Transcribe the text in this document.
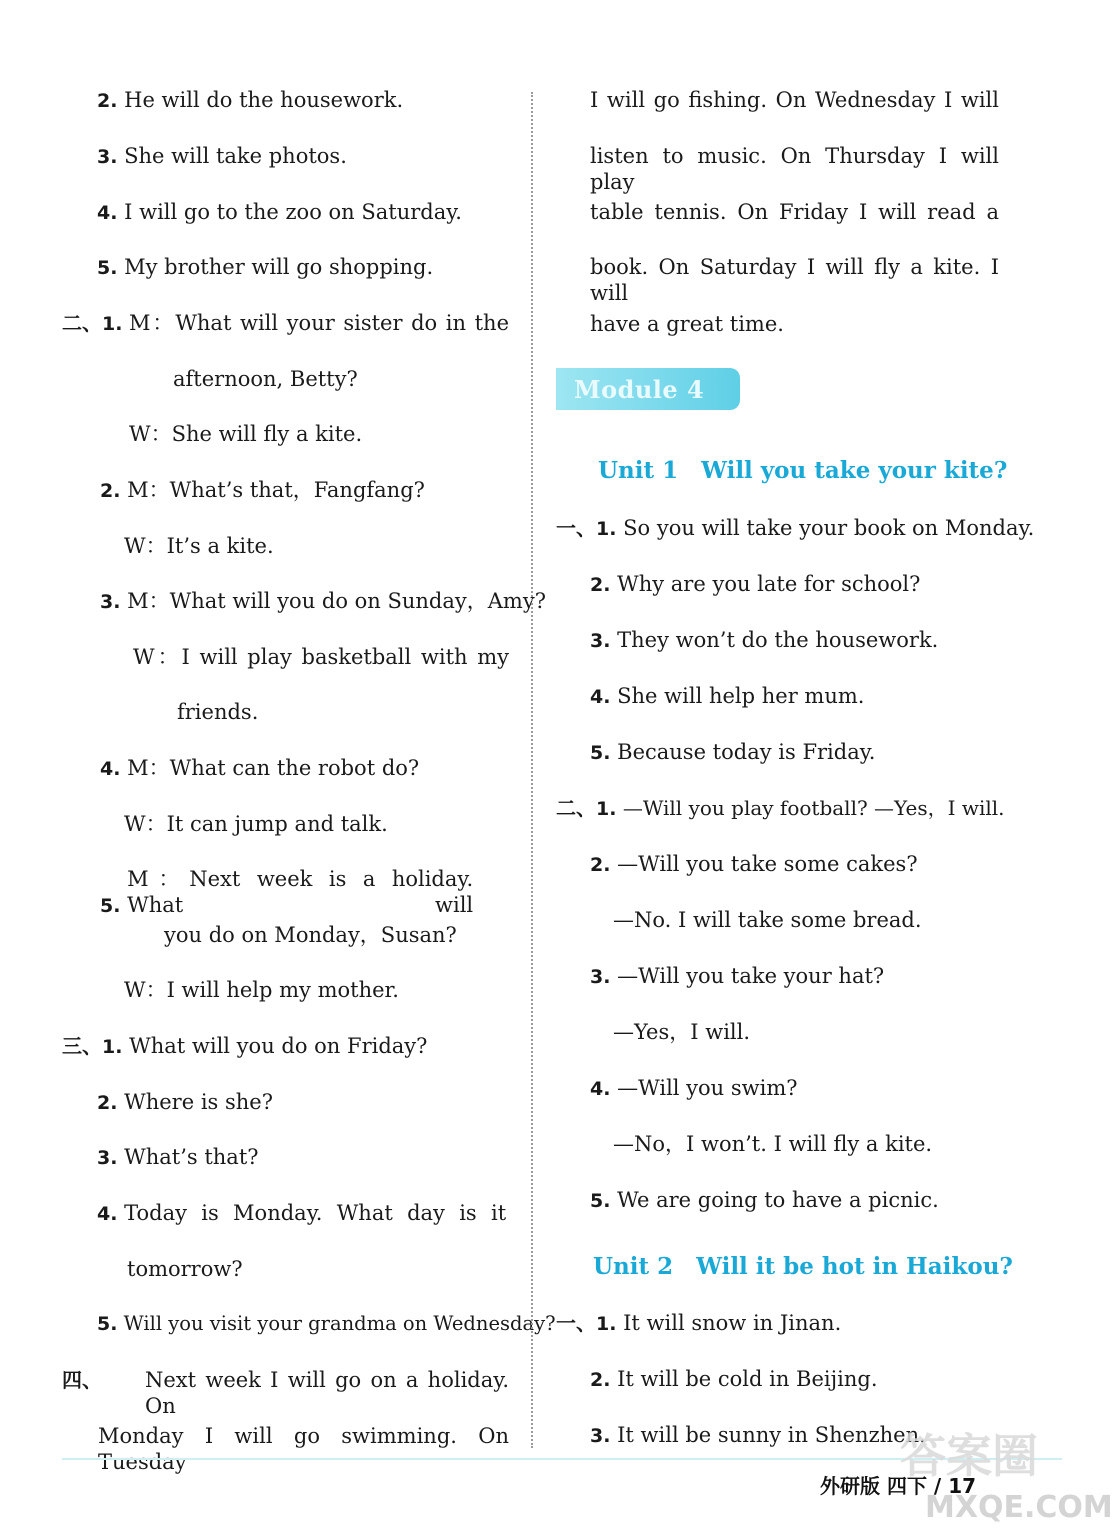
2. He will do the housework.
3. She will take photos.
4. I will go to the zoo on Saturday.
5. My brother will go shopping.
二、1. M：What will your sister do in the
afternoon, Betty?
W：She will fly a kite.
2. M：What’s that，Fangfang?
W：It’s a kite.
3. M：What will you do on Sunday，Amy?
W：I will play basketball with my
friends.
4. M：What can the robot do?
W：It can jump and talk.
5. M：Next week is a holiday. What will
you do on Monday，Susan?
W：I will help my mother.
三、1. What will you do on Friday?
2. Where is she?
3. What’s that?
4. Today is Monday. What day is it
tomorrow?
5. Will you visit your grandma on Wednesday?
四、 Next week I will go on a holiday. On
Monday I will go swimming. On Tuesday
I will go fishing. On Wednesday I will
listen to music. On Thursday I will play
table tennis. On Friday I will read a
book. On Saturday I will fly a kite. I will
have a great time.
Module 4
Unit 1　Will you take your kite?
一、1. So you will take your book on Monday.
2. Why are you late for school?
3. They won’t do the housework.
4. She will help her mum.
5. Because today is Friday.
二、1. —Will you play football? —Yes，I will.
2. —Will you take some cakes?
—No. I will take some bread.
3. —Will you take your hat?
—Yes，I will.
4. —Will you swim?
—No，I won’t. I will fly a kite.
5. We are going to have a picnic.
Unit 2　Will it be hot in Haikou?
一、1. It will snow in Jinan.
2. It will be cold in Beijing.
3. It will be sunny in Shenzhen.
答案圈
外研版 四下 / 17
MXQE.COM
